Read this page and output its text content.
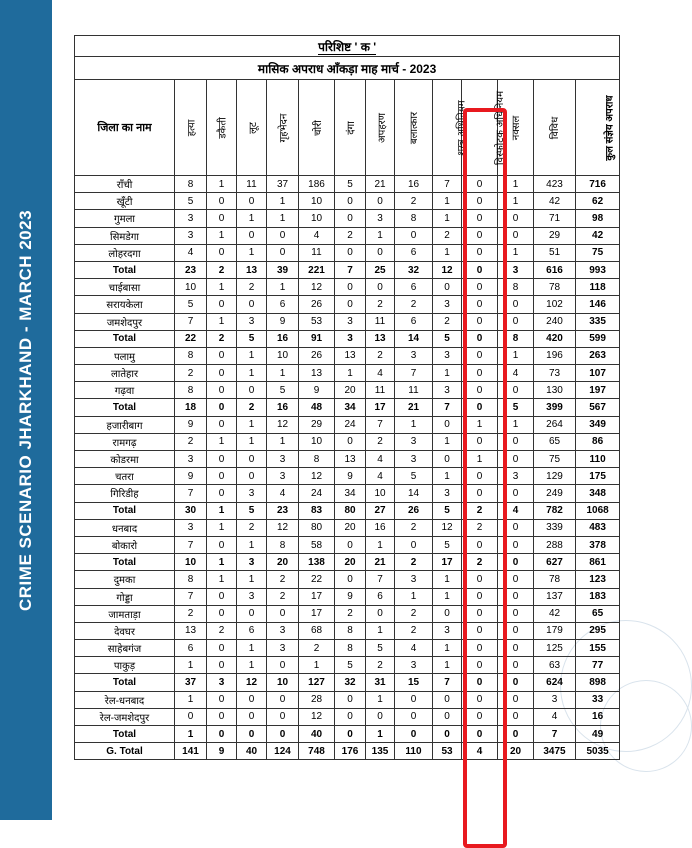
CRIME SCENARIO JHARKHAND - MARCH 2023
परिशिष्ट ' क '													
मासिक अपराध आँकड़ा माह मार्च - 2023													
जिला का नाम	हत्या	डकैती	लूट	गृहभेदन	चोरी	दंगा	अपहरण	बलात्कार	शस्त्र अधिनियम	विस्फोटक अधिनियम	नक्सल	विविध	कुल संज्ञेय अपराध
राँची	8	1	11	37	186	5	21	16	7	0	1	423	716
खूँटी	5	0	0	1	10	0	0	2	1	0	1	42	62
गुमला	3	0	1	1	10	0	3	8	1	0	0	71	98
सिमडेगा	3	1	0	0	4	2	1	0	2	0	0	29	42
लोहरदगा	4	0	1	0	11	0	0	6	1	0	1	51	75
Total	23	2	13	39	221	7	25	32	12	0	3	616	993
चाईबासा	10	1	2	1	12	0	0	6	0	0	8	78	118
सरायकेला	5	0	0	6	26	0	2	2	3	0	0	102	146
जमशेदपुर	7	1	3	9	53	3	11	6	2	0	0	240	335
Total	22	2	5	16	91	3	13	14	5	0	8	420	599
पलामु	8	0	1	10	26	13	2	3	3	0	1	196	263
लातेहार	2	0	1	1	13	1	4	7	1	0	4	73	107
गढ़वा	8	0	0	5	9	20	11	11	3	0	0	130	197
Total	18	0	2	16	48	34	17	21	7	0	5	399	567
हजारीबाग	9	0	1	12	29	24	7	1	0	1	1	264	349
रामगढ़	2	1	1	1	10	0	2	3	1	0	0	65	86
कोडरमा	3	0	0	3	8	13	4	3	0	1	0	75	110
चतरा	9	0	0	3	12	9	4	5	1	0	3	129	175
गिरिडीह	7	0	3	4	24	34	10	14	3	0	0	249	348
Total	30	1	5	23	83	80	27	26	5	2	4	782	1068
धनबाद	3	1	2	12	80	20	16	2	12	2	0	339	483
बोकारो	7	0	1	8	58	0	1	0	5	0	0	288	378
Total	10	1	3	20	138	20	21	2	17	2	0	627	861
दुमका	8	1	1	2	22	0	7	3	1	0	0	78	123
गोड्डा	7	0	3	2	17	9	6	1	1	0	0	137	183
जामताड़ा	2	0	0	0	17	2	0	2	0	0	0	42	65
देवघर	13	2	6	3	68	8	1	2	3	0	0	179	295
साहेबगंज	6	0	1	3	2	8	5	4	1	0	0	125	155
पाकुड़	1	0	1	0	1	5	2	3	1	0	0	63	77
Total	37	3	12	10	127	32	31	15	7	0	0	624	898
रेल-धनबाद	1	0	0	0	28	0	1	0	0	0	0	3	33
रेल-जमशेदपुर	0	0	0	0	12	0	0	0	0	0	0	4	16
Total	1	0	0	0	40	0	1	0	0	0	0	7	49
G. Total	141	9	40	124	748	176	135	110	53	4	20	3475	5035
